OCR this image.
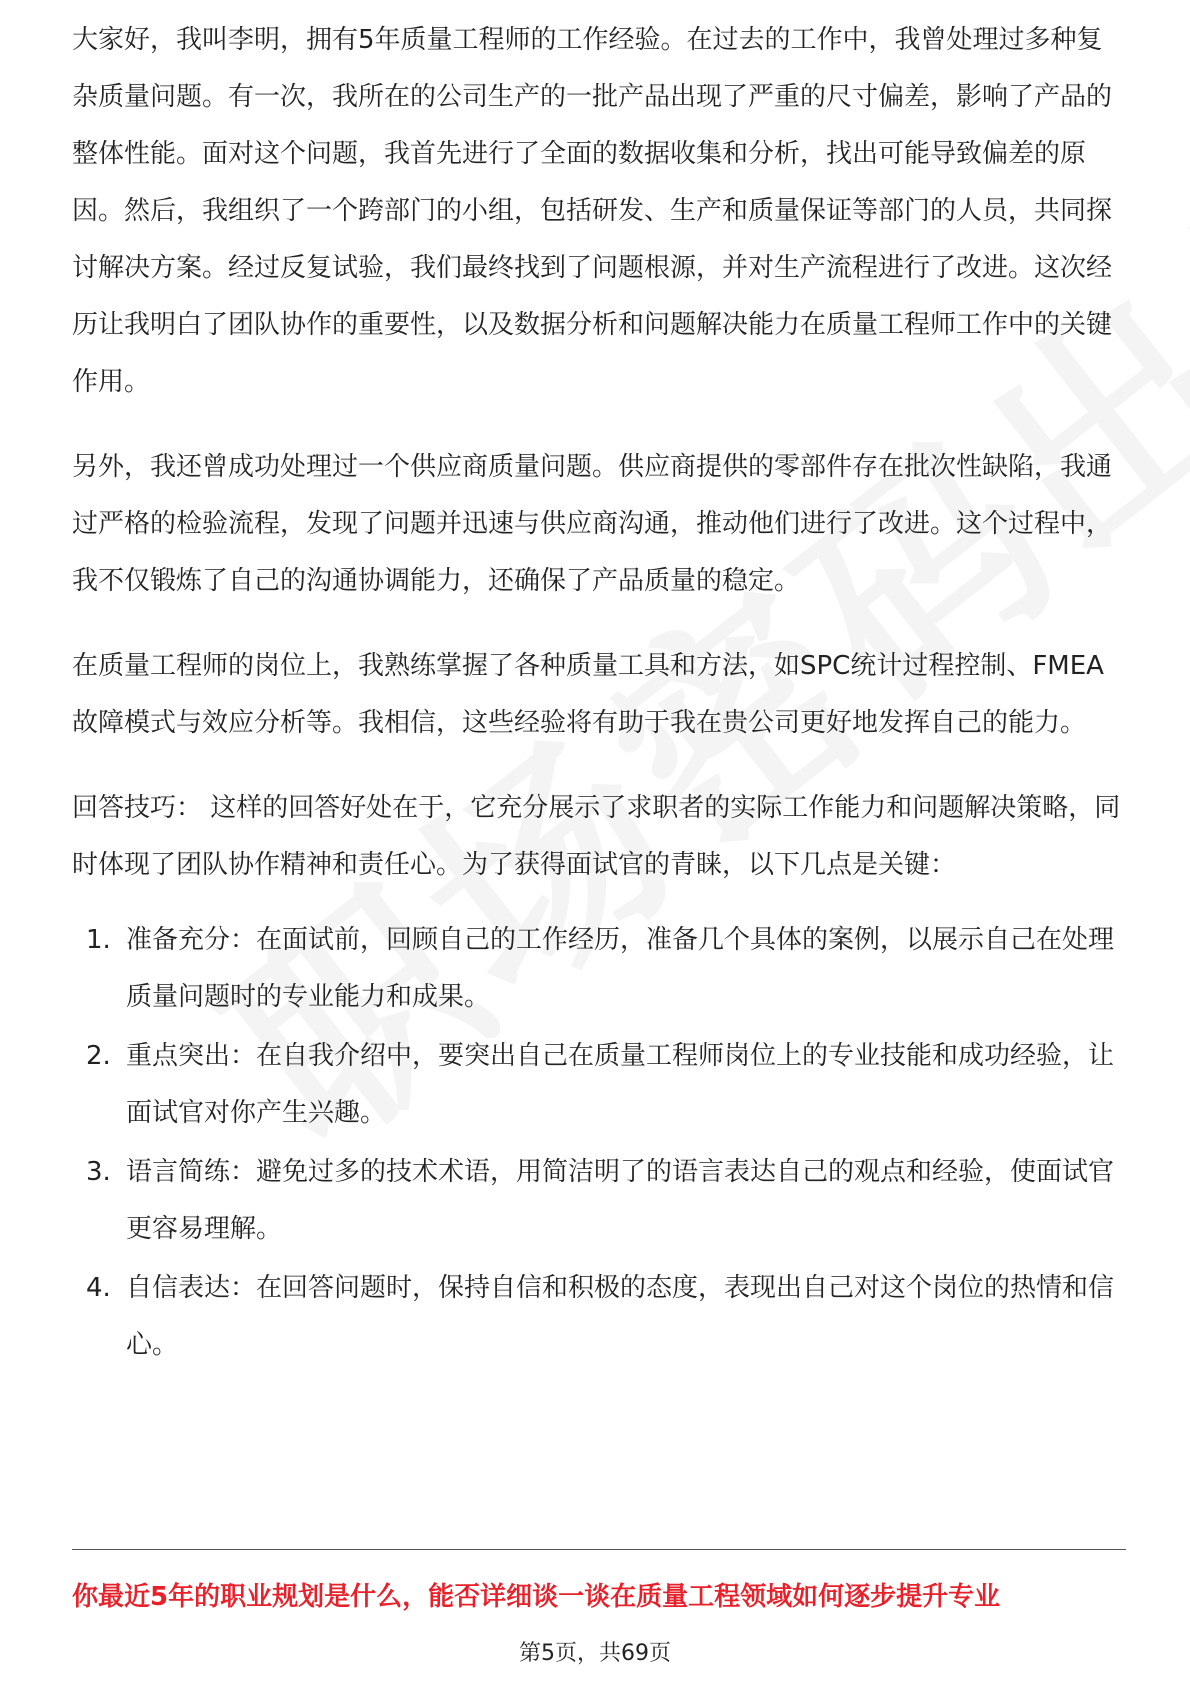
大家好，我叫李明，拥有5年质量工程师的工作经验。在过去的工作中，我曾处理过多种复杂质量问题。有一次，我所在的公司生产的一批产品出现了严重的尺寸偏差，影响了产品的整体性能。面对这个问题，我首先进行了全面的数据收集和分析，找出可能导致偏差的原因。然后，我组织了一个跨部门的小组，包括研发、生产和质量保证等部门的人员，共同探讨解决方案。经过反复试验，我们最终找到了问题根源，并对生产流程进行了改进。这次经历让我明白了团队协作的重要性，以及数据分析和问题解决能力在质量工程师工作中的关键作用。

另外，我还曾成功处理过一个供应商质量问题。供应商提供的零部件存在批次性缺陷，我通过严格的检验流程，发现了问题并迅速与供应商沟通，推动他们进行了改进。这个过程中，我不仅锻炼了自己的沟通协调能力，还确保了产品质量的稳定。

在质量工程师的岗位上，我熟练掌握了各种质量工具和方法，如SPC统计过程控制、FMEA故障模式与效应分析等。我相信，这些经验将有助于我在贵公司更好地发挥自己的能力。

回答技巧： 这样的回答好处在于，它充分展示了求职者的实际工作能力和问题解决策略，同时体现了团队协作精神和责任心。为了获得面试官的青睐，以下几点是关键：

1. 准备充分：在面试前，回顾自己的工作经历，准备几个具体的案例，以展示自己在处理质量问题时的专业能力和成果。
2. 重点突出：在自我介绍中，要突出自己在质量工程师岗位上的专业技能和成功经验，让面试官对你产生兴趣。
3. 语言简练：避免过多的技术术语，用简洁明了的语言表达自己的观点和经验，使面试官更容易理解。
4. 自信表达：在回答问题时，保持自信和积极的态度，表现出自己对这个岗位的热情和信心。
你最近5年的职业规划是什么，能否详细谈一谈在质量工程领域如何逐步提升专业
第5页，共69页
